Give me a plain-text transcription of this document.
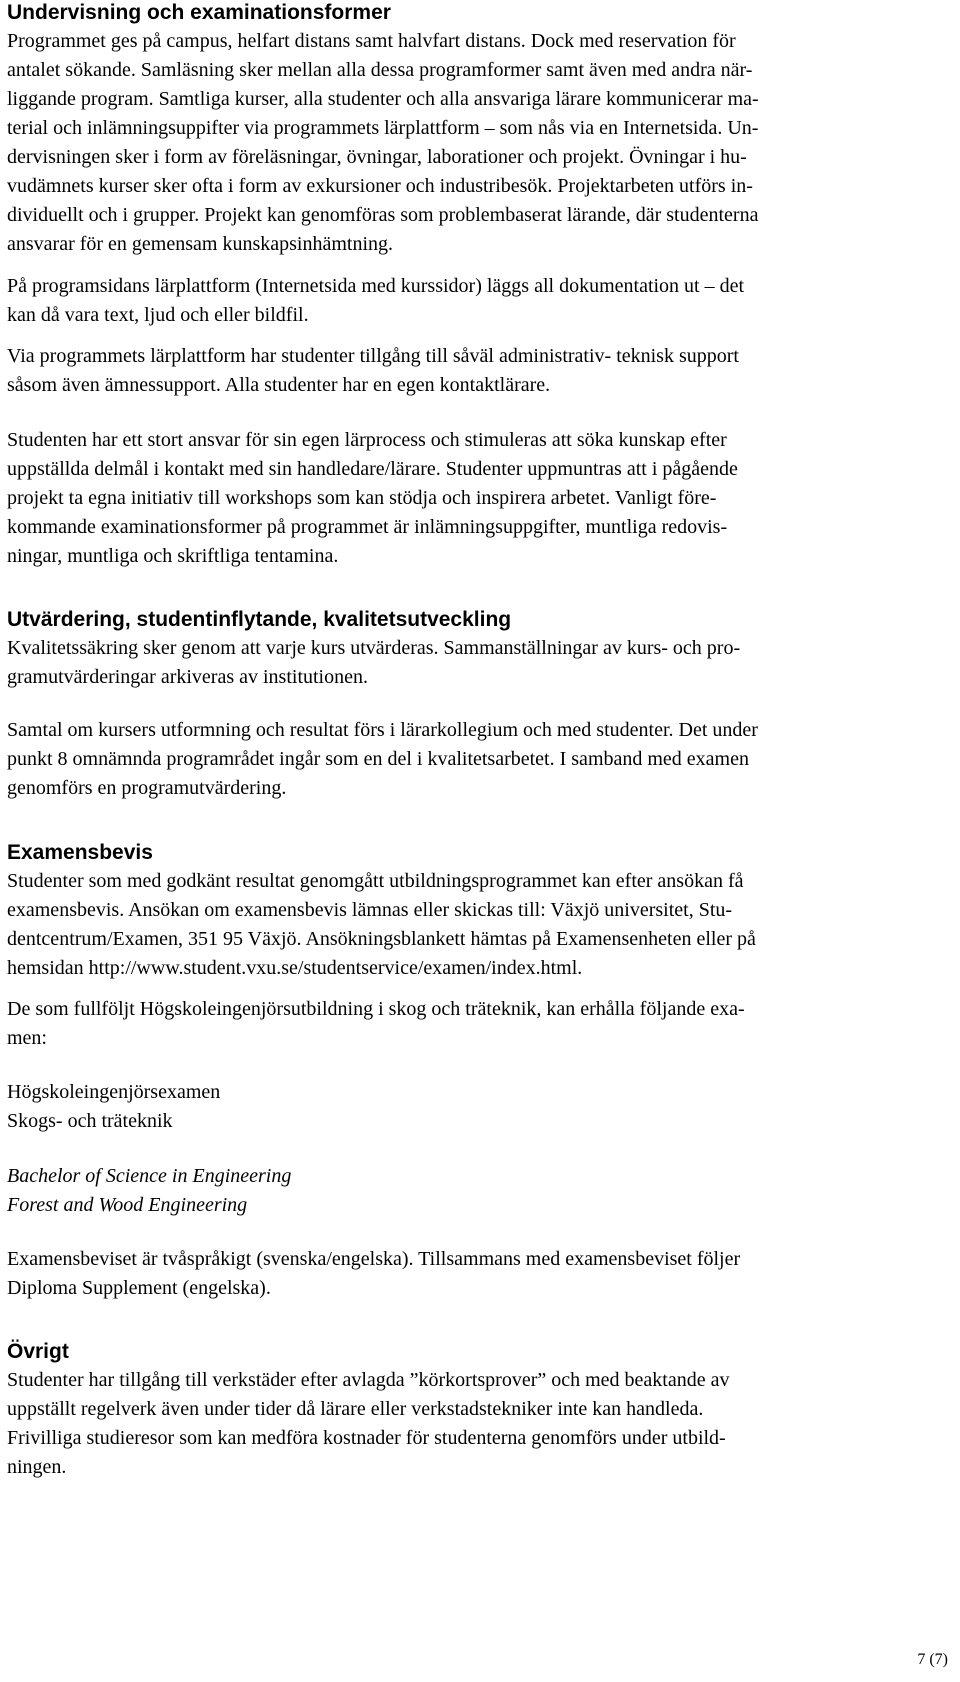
Undervisning och examinationsformer

Programmet ges på campus, helfart distans samt halvfart distans. Dock med reservation för
antalet sökande. Samläsning sker mellan alla dessa programformer samt även med andra när-
liggande program. Samtliga kurser, alla studenter och alla ansvariga lärare kommunicerar ma-
terial och inlämningsuppifter via programmets lärplattform – som nås via en Internetsida. Un-
dervisningen sker i form av föreläsningar, övningar, laborationer och projekt. Övningar i hu-
vudämnets kurser sker ofta i form av exkursioner och industribesök. Projektarbeten utförs in-
dividuellt och i grupper. Projekt kan genomföras som problembaserat lärande, där studenterna
ansvarar för en gemensam kunskapsinhämtning.

På programsidans lärplattform (Internetsida med kurssidor) läggs all dokumentation ut – det
kan då vara text, ljud och eller bildfil.

Via programmets lärplattform har studenter tillgång till såväl administrativ- teknisk support
såsom även ämnessupport. Alla studenter har en egen kontaktlärare.

Studenten har ett stort ansvar för sin egen lärprocess och stimuleras att söka kunskap efter
uppställda delmål i kontakt med sin handledare/lärare. Studenter uppmuntras att i pågående
projekt ta egna initiativ till workshops som kan stödja och inspirera arbetet. Vanligt före-
kommande examinationsformer på programmet är inlämningsuppgifter, muntliga redovis-
ningar, muntliga och skriftliga tentamina.

Utvärdering, studentinflytande, kvalitetsutveckling

Kvalitetssäkring sker genom att varje kurs utvärderas. Sammanställningar av kurs- och pro-
gramutvärderingar arkiveras av institutionen.

Samtal om kursers utformning och resultat förs i lärarkollegium och med studenter. Det under
punkt 8 omnämnda programrådet ingår som en del i kvalitetsarbetet. I samband med examen
genomförs en programutvärdering.

Examensbevis

Studenter som med godkänt resultat genomgått utbildningsprogrammet kan efter ansökan få
examensbevis. Ansökan om examensbevis lämnas eller skickas till: Växjö universitet, Stu-
dentcentrum/Examen, 351 95 Växjö. Ansökningsblankett hämtas på Examensenheten eller på
hemsidan http://www.student.vxu.se/studentservice/examen/index.html.

De som fullföljt Högskoleingenjörsutbildning i skog och träteknik, kan erhålla följande exa-
men:

Högskoleingenjörsexamen
Skogs- och träteknik

Bachelor of Science in Engineering
Forest and Wood Engineering

Examensbeviset är tvåspråkigt (svenska/engelska). Tillsammans med examensbeviset följer
Diploma Supplement (engelska).

Övrigt

Studenter har tillgång till verkstäder efter avlagda ”körkortsprover” och med beaktande av
uppställt regelverk även under tider då lärare eller verkstadstekniker inte kan handleda.
Frivilliga studieresor som kan medföra kostnader för studenterna genomförs under utbild-
ningen.

7 (7)
